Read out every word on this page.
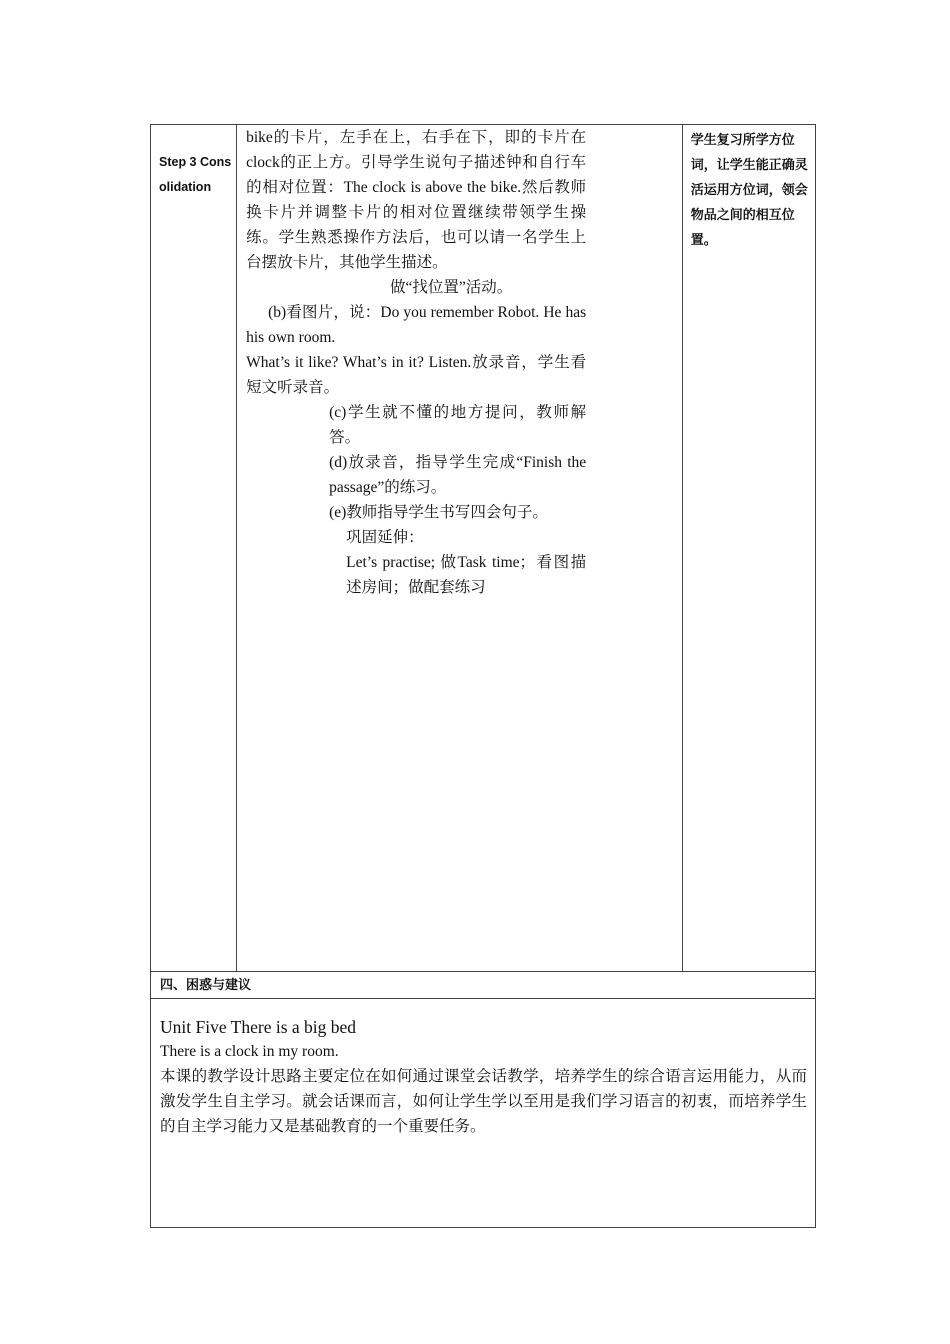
Step 3 Consolidation

bike的卡片，左手在上，右手在下，即的卡片在clock的正上方。引导学生说句子描述钟和自行车的相对位置：The clock is above the bike.然后教师换卡片并调整卡片的相对位置继续带领学生操练。学生熟悉操作方法后，也可以请一名学生上台摆放卡片，其他学生描述。

做“找位置”活动。

(b)看图片，说：Do you remember Robot. He has his own room.

What’s it like? What’s in it? Listen.放录音，学生看短文听录音。

(c)学生就不懂的地方提问，教师解答。

(d)放录音，指导学生完成“Finish the passage”的练习。

(e)教师指导学生书写四会句子。

巩固延伸：

Let’s practise; 做Task time；看图描述房间；做配套练习

学生复习所学方位词，让学生能正确灵活运用方位词，领会物品之间的相互位置。

四、困惑与建议

Unit Five There is a big bed

There is a clock in my room.

本课的教学设计思路主要定位在如何通过课堂会话教学，培养学生的综合语言运用能力，从而激发学生自主学习。就会话课而言，如何让学生学以至用是我们学习语言的初衷，而培养学生的自主学习能力又是基础教育的一个重要任务。
